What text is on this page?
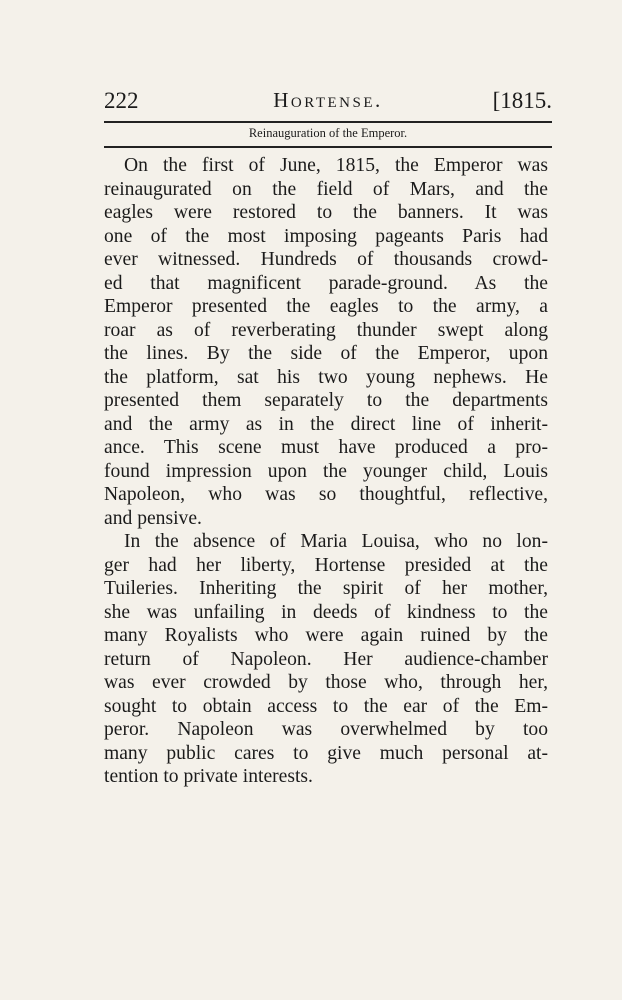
222	Hortense.	[1815.
Reinauguration of the Emperor.
On the first of June, 1815, the Emperor was
reinaugurated on the field of Mars, and the
eagles were restored to the banners. It was
one of the most imposing pageants Paris had
ever witnessed. Hundreds of thousands crowd-
ed that magnificent parade-ground. As the
Emperor presented the eagles to the army, a
roar as of reverberating thunder swept along
the lines. By the side of the Emperor, upon
the platform, sat his two young nephews. He
presented them separately to the departments
and the army as in the direct line of inherit-
ance. This scene must have produced a pro-
found impression upon the younger child, Louis
Napoleon, who was so thoughtful, reflective,
and pensive.
In the absence of Maria Louisa, who no lon-
ger had her liberty, Hortense presided at the
Tuileries. Inheriting the spirit of her mother,
she was unfailing in deeds of kindness to the
many Royalists who were again ruined by the
return of Napoleon. Her audience-chamber
was ever crowded by those who, through her,
sought to obtain access to the ear of the Em-
peror. Napoleon was overwhelmed by too
many public cares to give much personal at-
tention to private interests.
